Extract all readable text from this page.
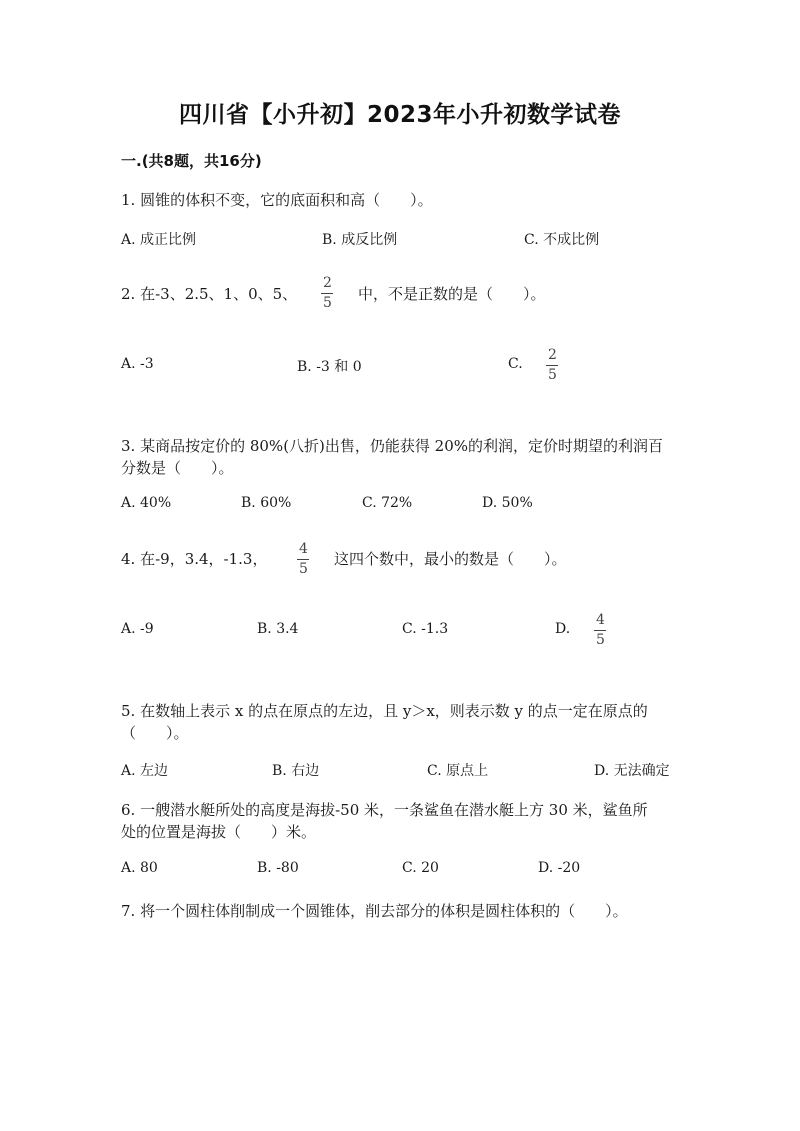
四川省【小升初】2023年小升初数学试卷
一.(共8题，共16分)
1. 圆锥的体积不变，它的底面积和高（　　）。
A. 成正比例	B. 成反比例	C. 不成比例
2. 在-3、2.5、1、0、5、
2
5 中，不是正数的是（　　）。
A. -3	B. -3 和 0	C.
2
5
3. 某商品按定价的 80%(八折)出售，仍能获得 20%的利润，定价时期望的利润百
分数是（　　）。
A. 40%	B. 60%	C. 72%	D. 50%
4. 在-9，3.4，-1.3，
4
5
这四个数中，最小的数是（　　）。
A. -9	B. 3.4	C. -1.3	D.
4
5
5. 在数轴上表示 x 的点在原点的左边，且 y＞x，则表示数 y 的点一定在原点的
（　　）。
A. 左边	B. 右边	C. 原点上	D. 无法确定
6. 一艘潜水艇所处的高度是海拔-50 米，一条鲨鱼在潜水艇上方 30 米，鲨鱼所
处的位置是海拔（　　）米。
A. 80	B. -80	C. 20	D. -20
7. 将一个圆柱体削制成一个圆锥体，削去部分的体积是圆柱体积的（　　）。
